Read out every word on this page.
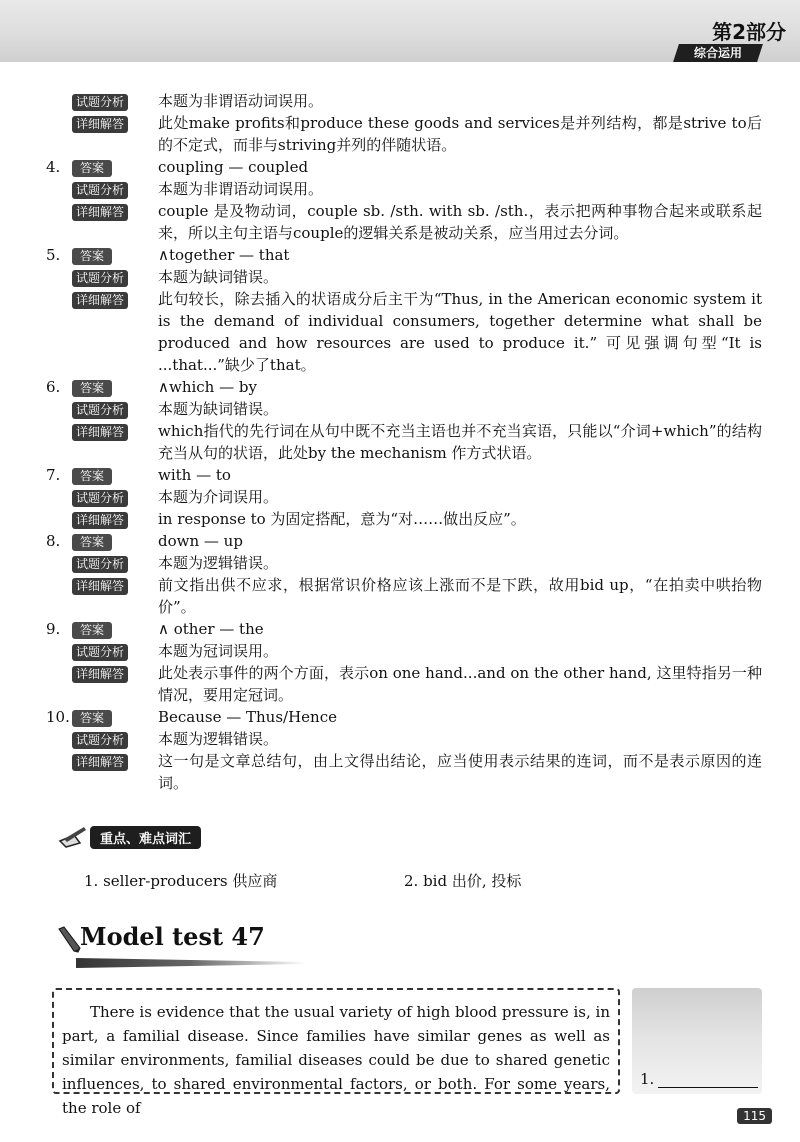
第2部分
综合运用
试题分析	本题为非谓语动词误用。
详细解答	此处make profits和produce these goods and services是并列结构，都是strive to后的不定式，而非与striving并列的伴随状语。
4.	答案	coupling — coupled
试题分析	本题为非谓语动词误用。
详细解答	couple 是及物动词，couple sb. /sth. with sb. /sth.，表示把两种事物合起来或联系起来，所以主句主语与couple的逻辑关系是被动关系，应当用过去分词。
5.	答案	∧together — that
试题分析	本题为缺词错误。
详细解答	此句较长，除去插入的状语成分后主干为“Thus, in the American economic system it is the demand of individual consumers, together determine what shall be produced and how resources are used to produce it.” 可见强调句型“It is ...that...”缺少了that。
6.	答案	∧which — by
试题分析	本题为缺词错误。
详细解答	which指代的先行词在从句中既不充当主语也并不充当宾语，只能以“介词+which”的结构充当从句的状语，此处by the mechanism 作方式状语。
7.	答案	with — to
试题分析	本题为介词误用。
详细解答	in response to 为固定搭配，意为“对……做出反应”。
8.	答案	down — up
试题分析	本题为逻辑错误。
详细解答	前文指出供不应求，根据常识价格应该上涨而不是下跌，故用bid up，“在拍卖中哄抬物价”。
9.	答案	∧ other — the
试题分析	本题为冠词误用。
详细解答	此处表示事件的两个方面，表示on one hand...and on the other hand, 这里特指另一种情况，要用定冠词。
10. 答案	Because — Thus/Hence
试题分析	本题为逻辑错误。
详细解答	这一句是文章总结句，由上文得出结论，应当使用表示结果的连词，而不是表示原因的连词。
重点、难点词汇
1. seller-producers 供应商	2. bid 出价, 投标
Model test 47
There is evidence that the usual variety of high blood pressure is, in part, a familial disease. Since families have similar genes as well as similar environments, familial diseases could be due to shared genetic influences, to shared environmental factors, or both. For some years, the role of
1.
115
